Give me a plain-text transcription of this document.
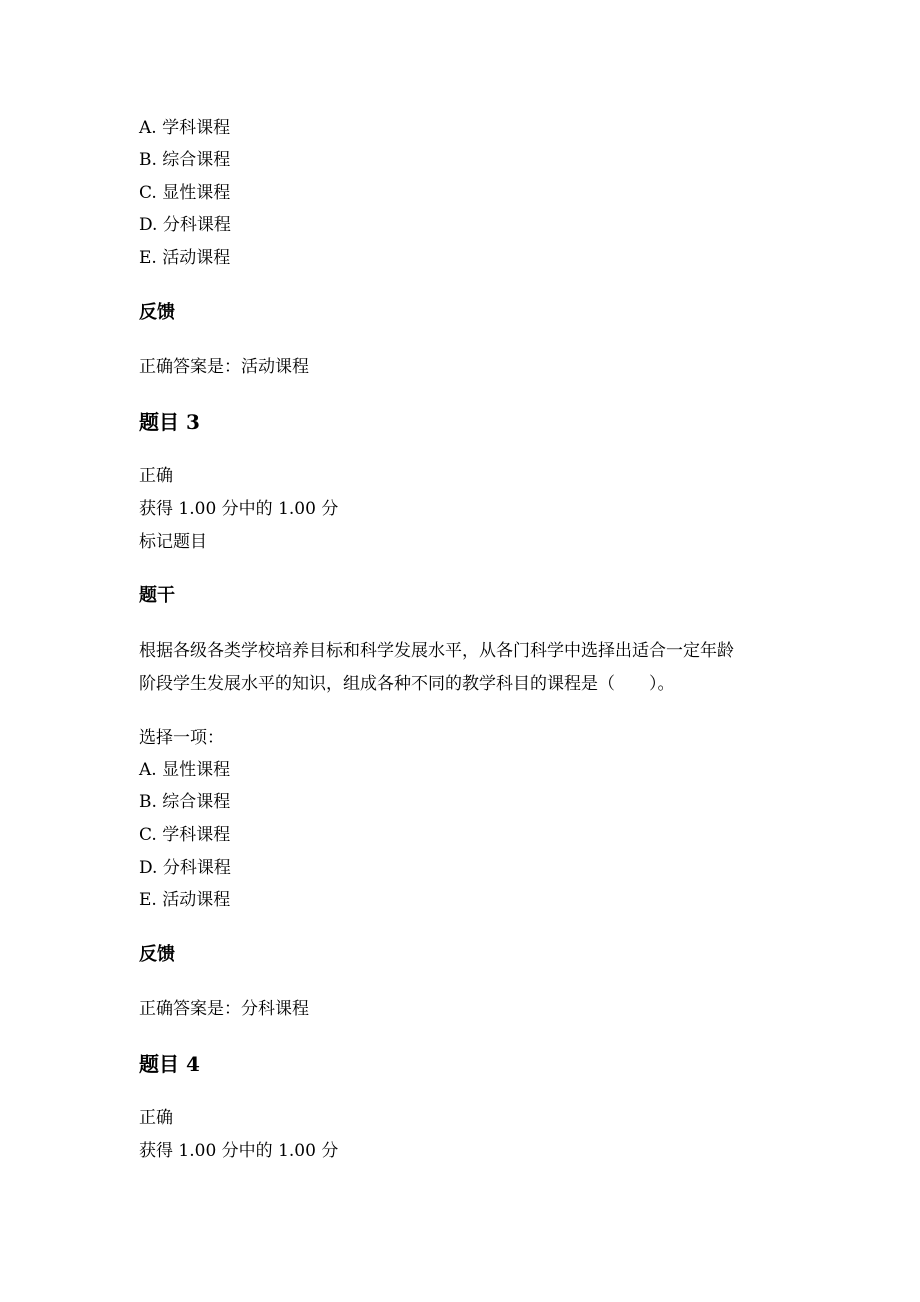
A. 学科课程

B. 综合课程

C. 显性课程

D. 分科课程

E. 活动课程

反馈

正确答案是：活动课程

题目 3

正确

获得 1.00 分中的 1.00 分

标记题目

题干

根据各级各类学校培养目标和科学发展水平，从各门科学中选择出适合一定年龄

阶段学生发展水平的知识，组成各种不同的教学科目的课程是（　　）。

选择一项：

A. 显性课程

B. 综合课程

C. 学科课程

D. 分科课程

E. 活动课程

反馈

正确答案是：分科课程

题目 4

正确

获得 1.00 分中的 1.00 分
